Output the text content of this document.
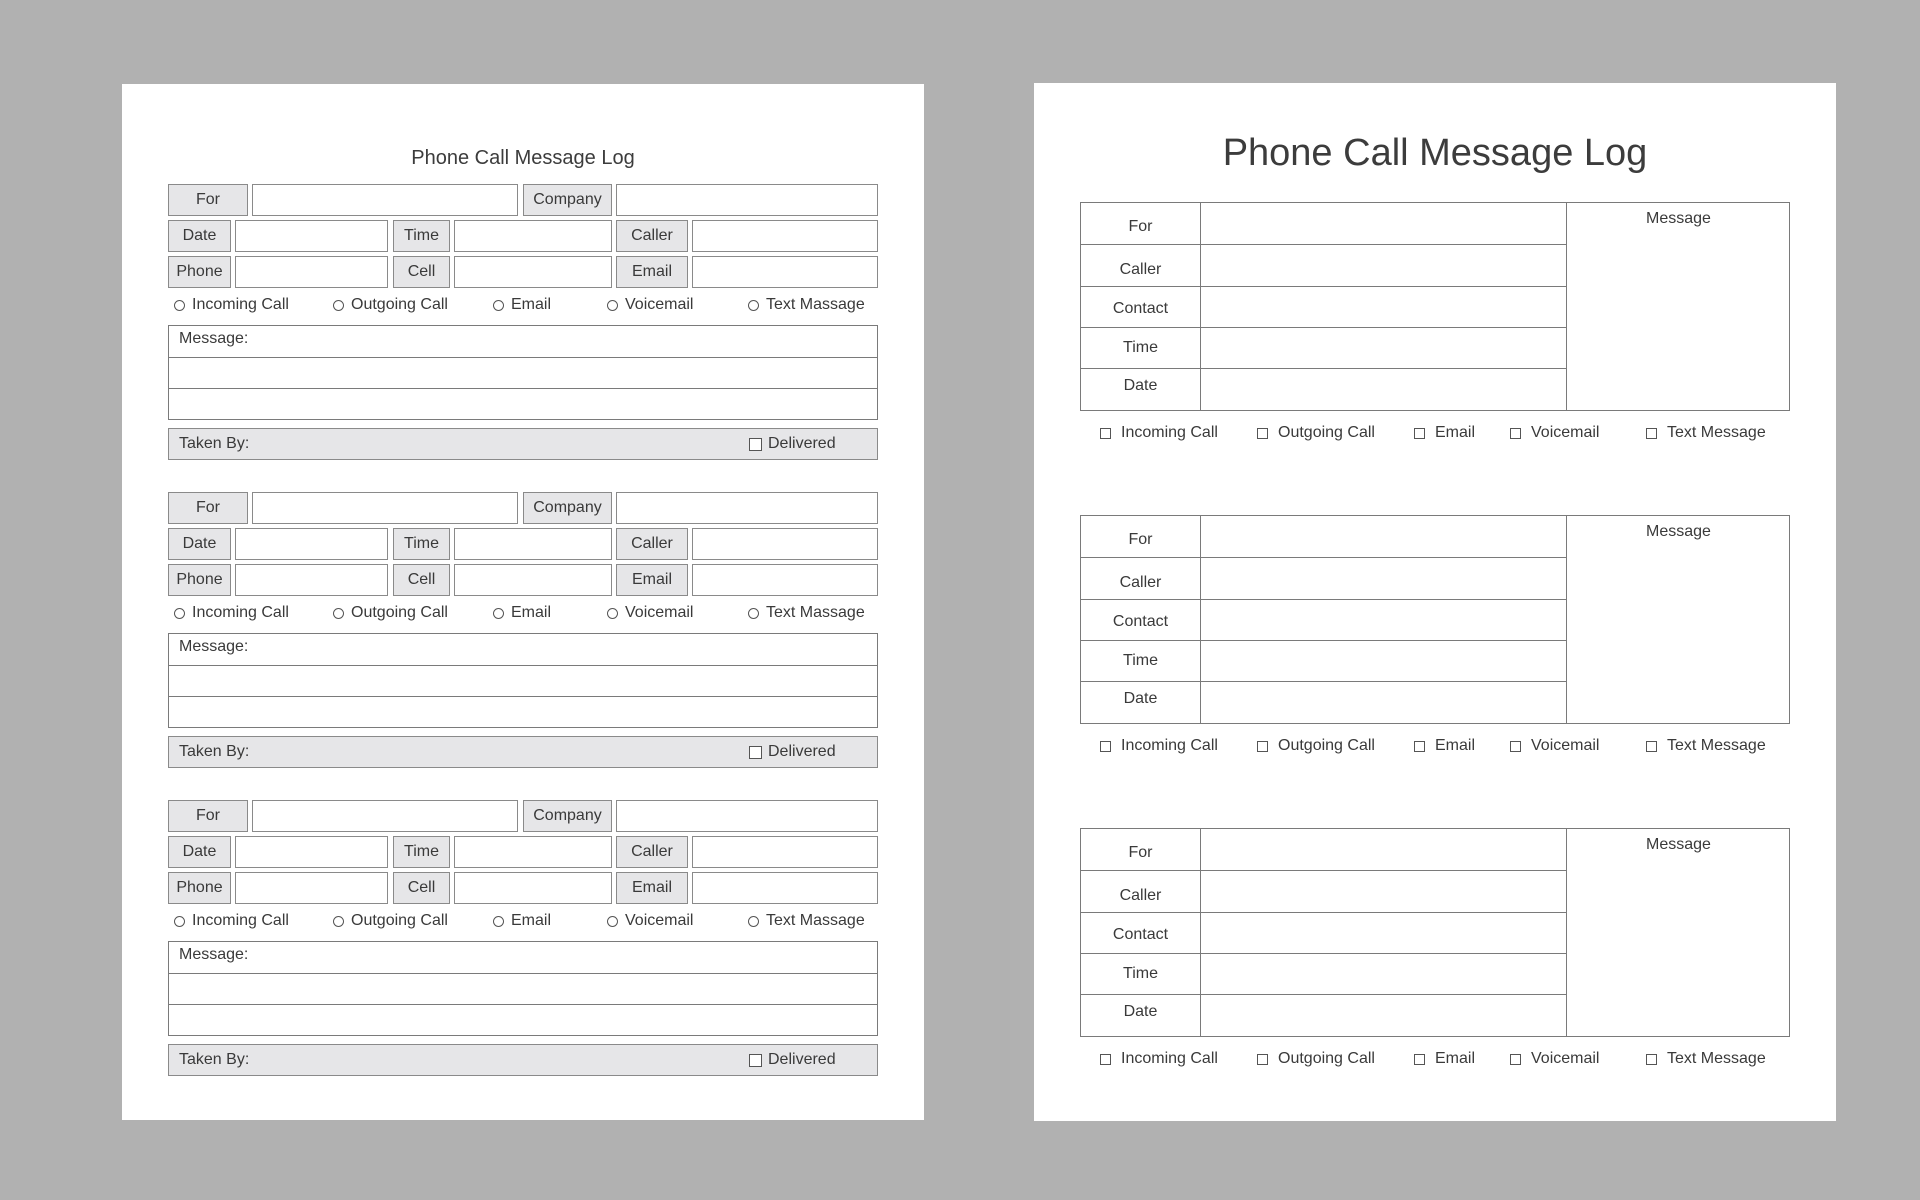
Phone Call Message Log
For	Company
Date	Time	Caller
Phone	Cell	Email
Incoming Call	Outgoing Call	Email	Voicemail	Text Massage
Message:
Taken By:	Delivered
For	Company
Date	Time	Caller
Phone	Cell	Email
Incoming Call	Outgoing Call	Email	Voicemail	Text Massage
Message:
Taken By:	Delivered
For	Company
Date	Time	Caller
Phone	Cell	Email
Incoming Call	Outgoing Call	Email	Voicemail	Text Massage
Message:
Taken By:	Delivered
Phone Call Message Log
For
Caller
Contact
Time
Date
Message
Incoming Call	Outgoing Call	Email	Voicemail	Text Message
For
Caller
Contact
Time
Date
Message
Incoming Call	Outgoing Call	Email	Voicemail	Text Message
For
Caller
Contact
Time
Date
Message
Incoming Call	Outgoing Call	Email	Voicemail	Text Message
